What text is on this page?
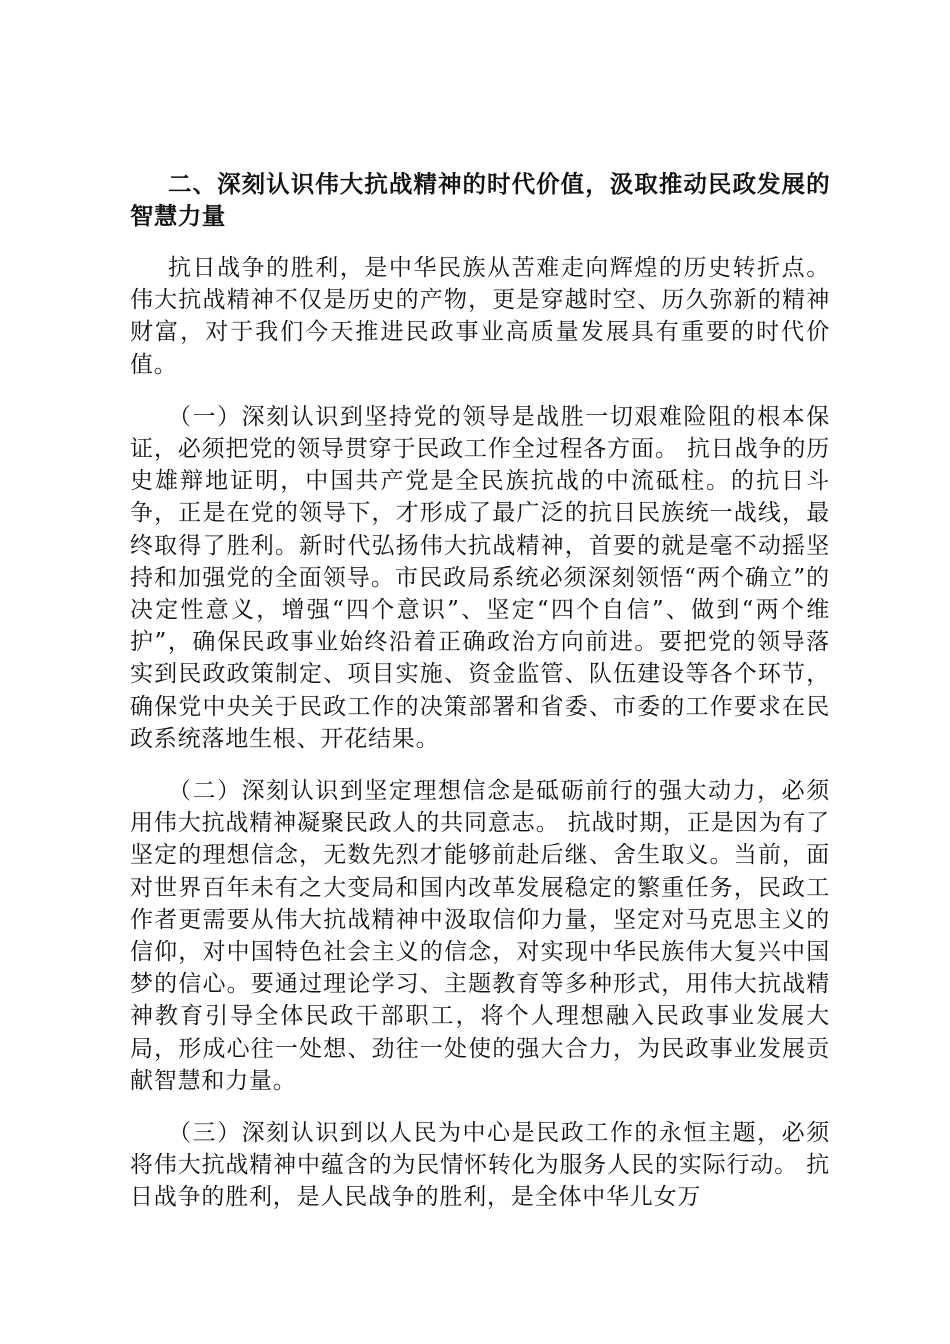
二、深刻认识伟大抗战精神的时代价值，汲取推动民政发展的智慧力量

抗日战争的胜利，是中华民族从苦难走向辉煌的历史转折点。伟大抗战精神不仅是历史的产物，更是穿越时空、历久弥新的精神财富，对于我们今天推进民政事业高质量发展具有重要的时代价值。

（一）深刻认识到坚持党的领导是战胜一切艰难险阻的根本保证，必须把党的领导贯穿于民政工作全过程各方面。 抗日战争的历史雄辩地证明，中国共产党是全民族抗战的中流砥柱。的抗日斗争，正是在党的领导下，才形成了最广泛的抗日民族统一战线，最终取得了胜利。新时代弘扬伟大抗战精神，首要的就是毫不动摇坚持和加强党的全面领导。市民政局系统必须深刻领悟“两个确立”的决定性意义，增强“四个意识”、坚定“四个自信”、做到“两个维护”，确保民政事业始终沿着正确政治方向前进。要把党的领导落实到民政政策制定、项目实施、资金监管、队伍建设等各个环节，确保党中央关于民政工作的决策部署和省委、市委的工作要求在民政系统落地生根、开花结果。

（二）深刻认识到坚定理想信念是砥砺前行的强大动力，必须用伟大抗战精神凝聚民政人的共同意志。 抗战时期，正是因为有了坚定的理想信念，无数先烈才能够前赴后继、舍生取义。当前，面对世界百年未有之大变局和国内改革发展稳定的繁重任务，民政工作者更需要从伟大抗战精神中汲取信仰力量，坚定对马克思主义的信仰，对中国特色社会主义的信念，对实现中华民族伟大复兴中国梦的信心。要通过理论学习、主题教育等多种形式，用伟大抗战精神教育引导全体民政干部职工，将个人理想融入民政事业发展大局，形成心往一处想、劲往一处使的强大合力，为民政事业发展贡献智慧和力量。

（三）深刻认识到以人民为中心是民政工作的永恒主题，必须将伟大抗战精神中蕴含的为民情怀转化为服务人民的实际行动。 抗日战争的胜利，是人民战争的胜利，是全体中华儿女万
